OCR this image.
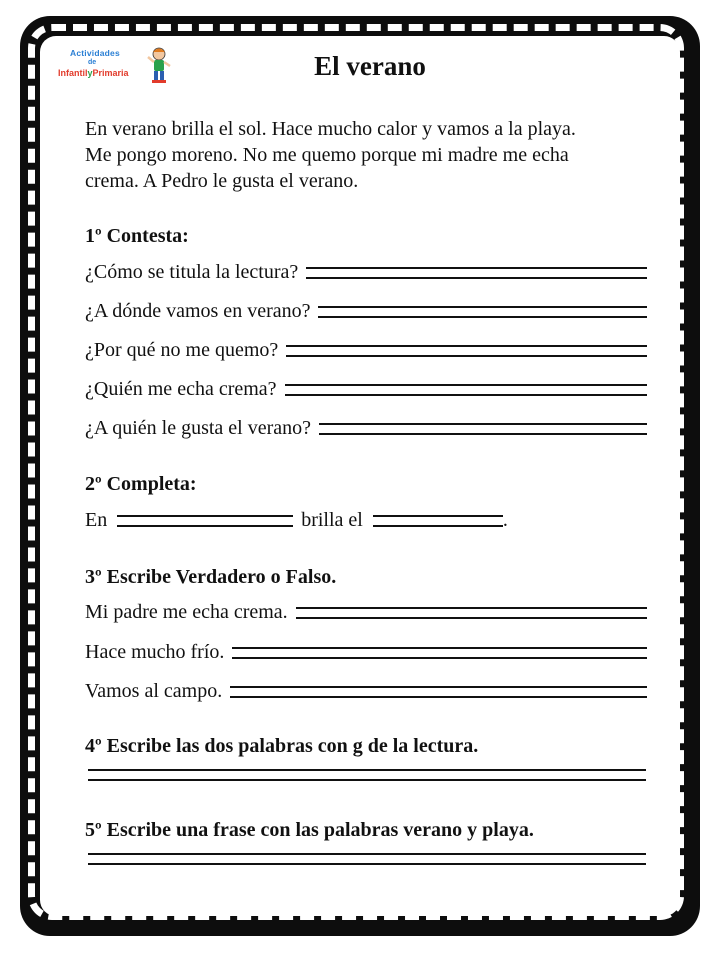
Actividades
de
InfantilyPrimaria	El verano
En verano brilla el sol. Hace mucho calor y vamos a la playa.
Me pongo moreno. No me quemo porque mi madre me echa
crema. A Pedro le gusta el verano.
1º Contesta:
¿Cómo se titula la lectura?
¿A dónde vamos en verano?
¿Por qué no me quemo?
¿Quién me echa crema?
¿A quién le gusta el verano?
2º Completa:
En	brilla el	.
3º Escribe Verdadero o Falso.
Mi padre me echa crema.
Hace mucho frío.
Vamos al campo.
4º Escribe las dos palabras con g de la lectura.
5º Escribe una frase con las palabras verano y playa.
